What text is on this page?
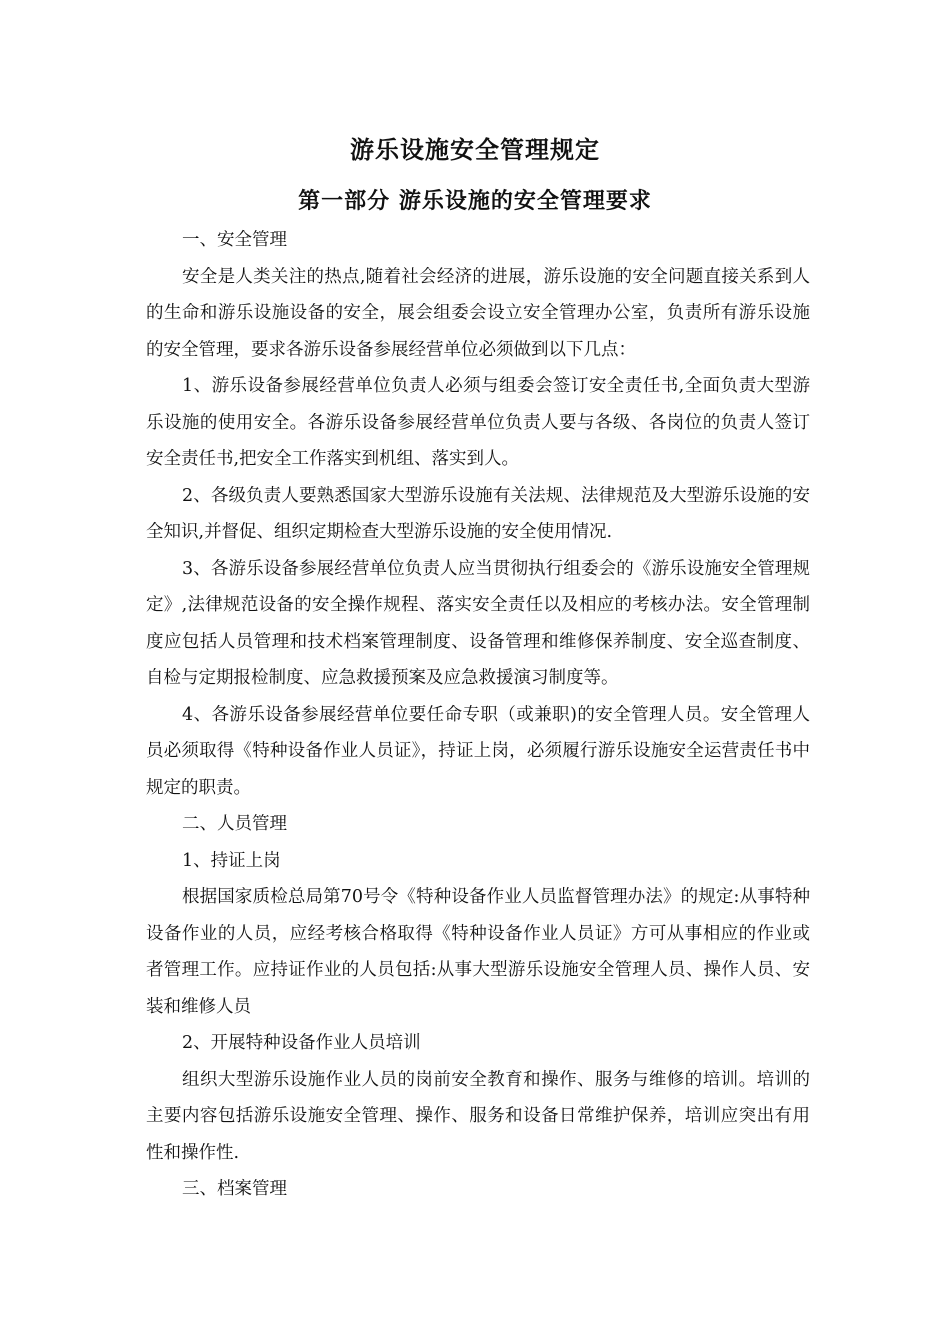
游乐设施安全管理规定
第一部分 游乐设施的安全管理要求

一、安全管理

安全是人类关注的热点,随着社会经济的进展，游乐设施的安全问题直接关系到人的生命和游乐设施设备的安全，展会组委会设立安全管理办公室，负责所有游乐设施的安全管理，要求各游乐设备参展经营单位必须做到以下几点：

1、游乐设备参展经营单位负责人必须与组委会签订安全责任书,全面负责大型游乐设施的使用安全。各游乐设备参展经营单位负责人要与各级、各岗位的负责人签订安全责任书,把安全工作落实到机组、落实到人。

2、各级负责人要熟悉国家大型游乐设施有关法规、法律规范及大型游乐设施的安全知识,并督促、组织定期检查大型游乐设施的安全使用情况.

3、各游乐设备参展经营单位负责人应当贯彻执行组委会的《游乐设施安全管理规定》,法律规范设备的安全操作规程、落实安全责任以及相应的考核办法。安全管理制度应包括人员管理和技术档案管理制度、设备管理和维修保养制度、安全巡查制度、自检与定期报检制度、应急救援预案及应急救援演习制度等。

4、各游乐设备参展经营单位要任命专职（或兼职)的安全管理人员。安全管理人员必须取得《特种设备作业人员证》，持证上岗，必须履行游乐设施安全运营责任书中规定的职责。

二、人员管理

1、持证上岗

根据国家质检总局第70号令《特种设备作业人员监督管理办法》的规定:从事特种设备作业的人员，应经考核合格取得《特种设备作业人员证》方可从事相应的作业或者管理工作。应持证作业的人员包括:从事大型游乐设施安全管理人员、操作人员、安装和维修人员

2、开展特种设备作业人员培训

组织大型游乐设施作业人员的岗前安全教育和操作、服务与维修的培训。培训的主要内容包括游乐设施安全管理、操作、服务和设备日常维护保养，培训应突出有用性和操作性.

三、档案管理
